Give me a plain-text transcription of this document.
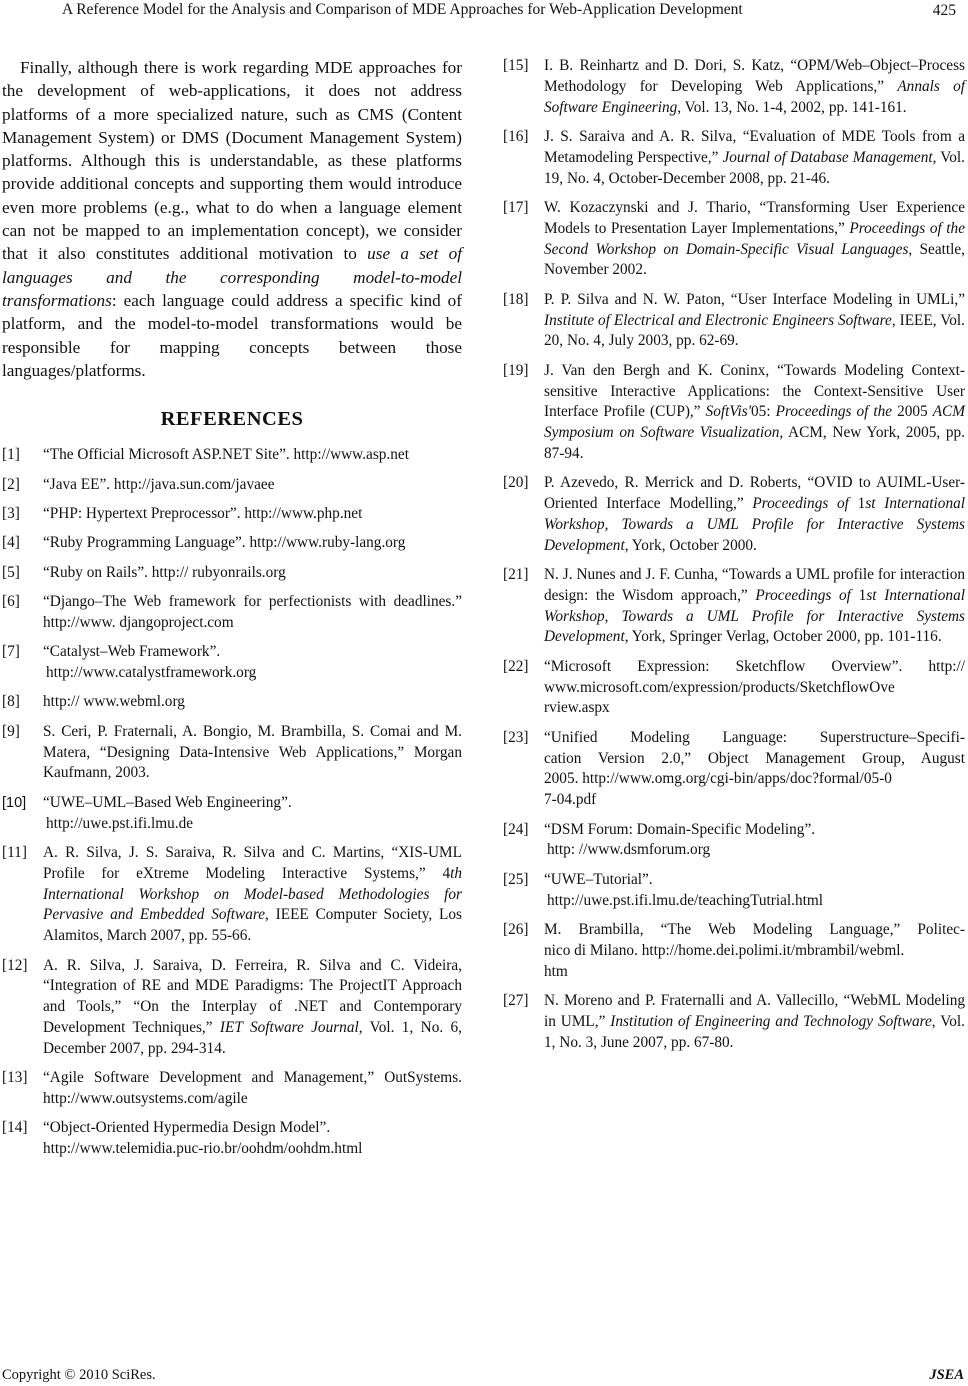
A Reference Model for the Analysis and Comparison of MDE Approaches for Web-Application Development	425

Finally, although there is work regarding MDE approaches for the development of web-applications, it does not address platforms of a more specialized nature, such as CMS (Content Management System) or DMS (Document Management System) platforms. Although this is understandable, as these platforms provide additional concepts and supporting them would introduce even more problems (e.g., what to do when a language element can not be mapped to an implementation concept), we consider that it also constitutes additional motivation to use a set of languages and the corresponding model-to-model transformations: each language could address a specific kind of platform, and the model-to-model transformations would be responsible for mapping concepts between those languages/platforms.

REFERENCES
[1] “The Official Microsoft ASP.NET Site”. http://www.asp.net
[2] “Java EE”. http://java.sun.com/javaee
[3] “PHP: Hypertext Preprocessor”. http://www.php.net
[4] “Ruby Programming Language”. http://www.ruby-lang.org
[5] “Ruby on Rails”. http:// rubyonrails.org
[6] “Django–The Web framework for perfectionists with deadlines.” http://www. djangoproject.com
[7] “Catalyst–Web Framework”.
http://www.catalystframework.org
[8] http:// www.webml.org
[9] S. Ceri, P. Fraternali, A. Bongio, M. Brambilla, S. Comai and M. Matera, “Designing Data-Intensive Web Applications,” Morgan Kaufmann, 2003.
[10] “UWE–UML–Based Web Engineering”.
http://uwe.pst.ifi.lmu.de
[11] A. R. Silva, J. S. Saraiva, R. Silva and C. Martins, “XIS-UML Profile for eXtreme Modeling Interactive Systems,” 4th International Workshop on Model-based Methodologies for Pervasive and Embedded Software, IEEE Computer Society, Los Alamitos, March 2007, pp. 55-66.
[12] A. R. Silva, J. Saraiva, D. Ferreira, R. Silva and C. Videira, “Integration of RE and MDE Paradigms: The ProjectIT Approach and Tools,” “On the Interplay of .NET and Contemporary Development Techniques,” IET Software Journal, Vol. 1, No. 6, December 2007, pp. 294-314.
[13] “Agile Software Development and Management,” OutSystems. http://www.outsystems.com/agile
[14] “Object-Oriented Hypermedia Design Model”.
http://www.telemidia.puc-rio.br/oohdm/oohdm.html
[15] I. B. Reinhartz and D. Dori, S. Katz, “OPM/Web–Object–Process Methodology for Developing Web Applications,” Annals of Software Engineering, Vol. 13, No. 1-4, 2002, pp. 141-161.
[16] J. S. Saraiva and A. R. Silva, “Evaluation of MDE Tools from a Metamodeling Perspective,” Journal of Database Management, Vol. 19, No. 4, October-December 2008, pp. 21-46.
[17] W. Kozaczynski and J. Thario, “Transforming User Experience Models to Presentation Layer Implementations,” Proceedings of the Second Workshop on Domain-Specific Visual Languages, Seattle, November 2002.
[18] P. P. Silva and N. W. Paton, “User Interface Modeling in UMLi,” Institute of Electrical and Electronic Engineers Software, IEEE, Vol. 20, No. 4, July 2003, pp. 62-69.
[19] J. Van den Bergh and K. Coninx, “Towards Modeling Context-sensitive Interactive Applications: the Context-Sensitive User Interface Profile (CUP),” SoftVis'05: Proceedings of the 2005 ACM Symposium on Software Visualization, ACM, New York, 2005, pp. 87-94.
[20] P. Azevedo, R. Merrick and D. Roberts, “OVID to AUIML-User-Oriented Interface Modelling,” Proceedings of 1st International Workshop, Towards a UML Profile for Interactive Systems Development, York, October 2000.
[21] N. J. Nunes and J. F. Cunha, “Towards a UML profile for interaction design: the Wisdom approach,” Proceedings of 1st International Workshop, Towards a UML Profile for Interactive Systems Development, York, Springer Verlag, October 2000, pp. 101-116.
[22] “Microsoft Expression: Sketchflow Overview”. http://
www.microsoft.com/expression/products/SketchflowOve
rview.aspx
[23] “Unified Modeling Language: Superstructure–Specifi-
cation Version 2.0,” Object Management Group, August
2005. http://www.omg.org/cgi-bin/apps/doc?formal/05-0
7-04.pdf
[24] “DSM Forum: Domain-Specific Modeling”.
http: //www.dsmforum.org
[25] “UWE–Tutorial”.
http://uwe.pst.ifi.lmu.de/teachingTutrial.html
[26] M. Brambilla, “The Web Modeling Language,” Politec-
nico di Milano. http://home.dei.polimi.it/mbrambil/webml.
htm
[27] N. Moreno and P. Fraternalli and A. Vallecillo, “WebML Modeling in UML,” Institution of Engineering and Technology Software, Vol. 1, No. 3, June 2007, pp. 67-80.
Copyright © 2010 SciRes.	JSEA
